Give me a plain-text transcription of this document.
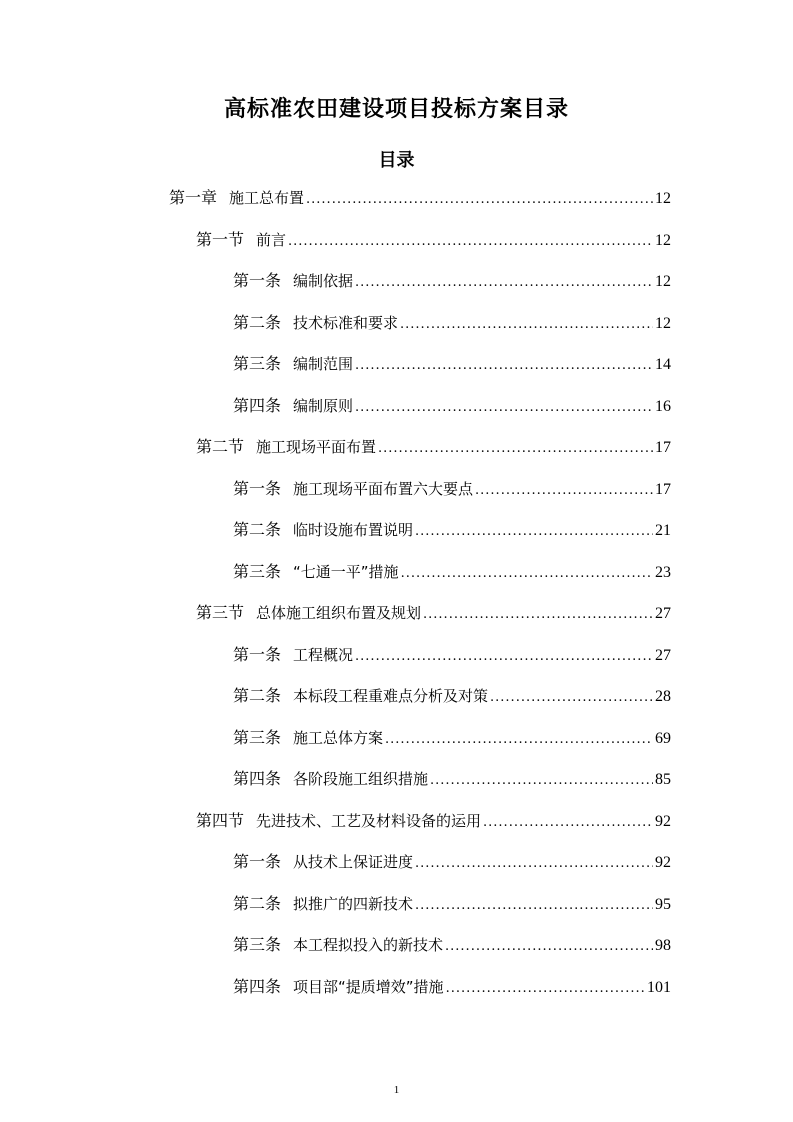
高标准农田建设项目投标方案目录
目录
第一章 施工总布置 .....	12
第一节 前言 .....	12
第一条 编制依据 .....	12
第二条 技术标准和要求 .....	12
第三条 编制范围 .....	14
第四条 编制原则 .....	16
第二节 施工现场平面布置 .....	17
第一条 施工现场平面布置六大要点 .....	17
第二条 临时设施布置说明 .....	21
第三条 “七通一平”措施 .....	23
第三节 总体施工组织布置及规划 .....	27
第一条 工程概况 .....	27
第二条 本标段工程重难点分析及对策 .....	28
第三条 施工总体方案 .....	69
第四条 各阶段施工组织措施 .....	85
第四节 先进技术、工艺及材料设备的运用 .....	92
第一条 从技术上保证进度 .....	92
第二条 拟推广的四新技术 .....	95
第三条 本工程拟投入的新技术 .....	98
第四条 项目部“提质增效”措施 .....	101
1
